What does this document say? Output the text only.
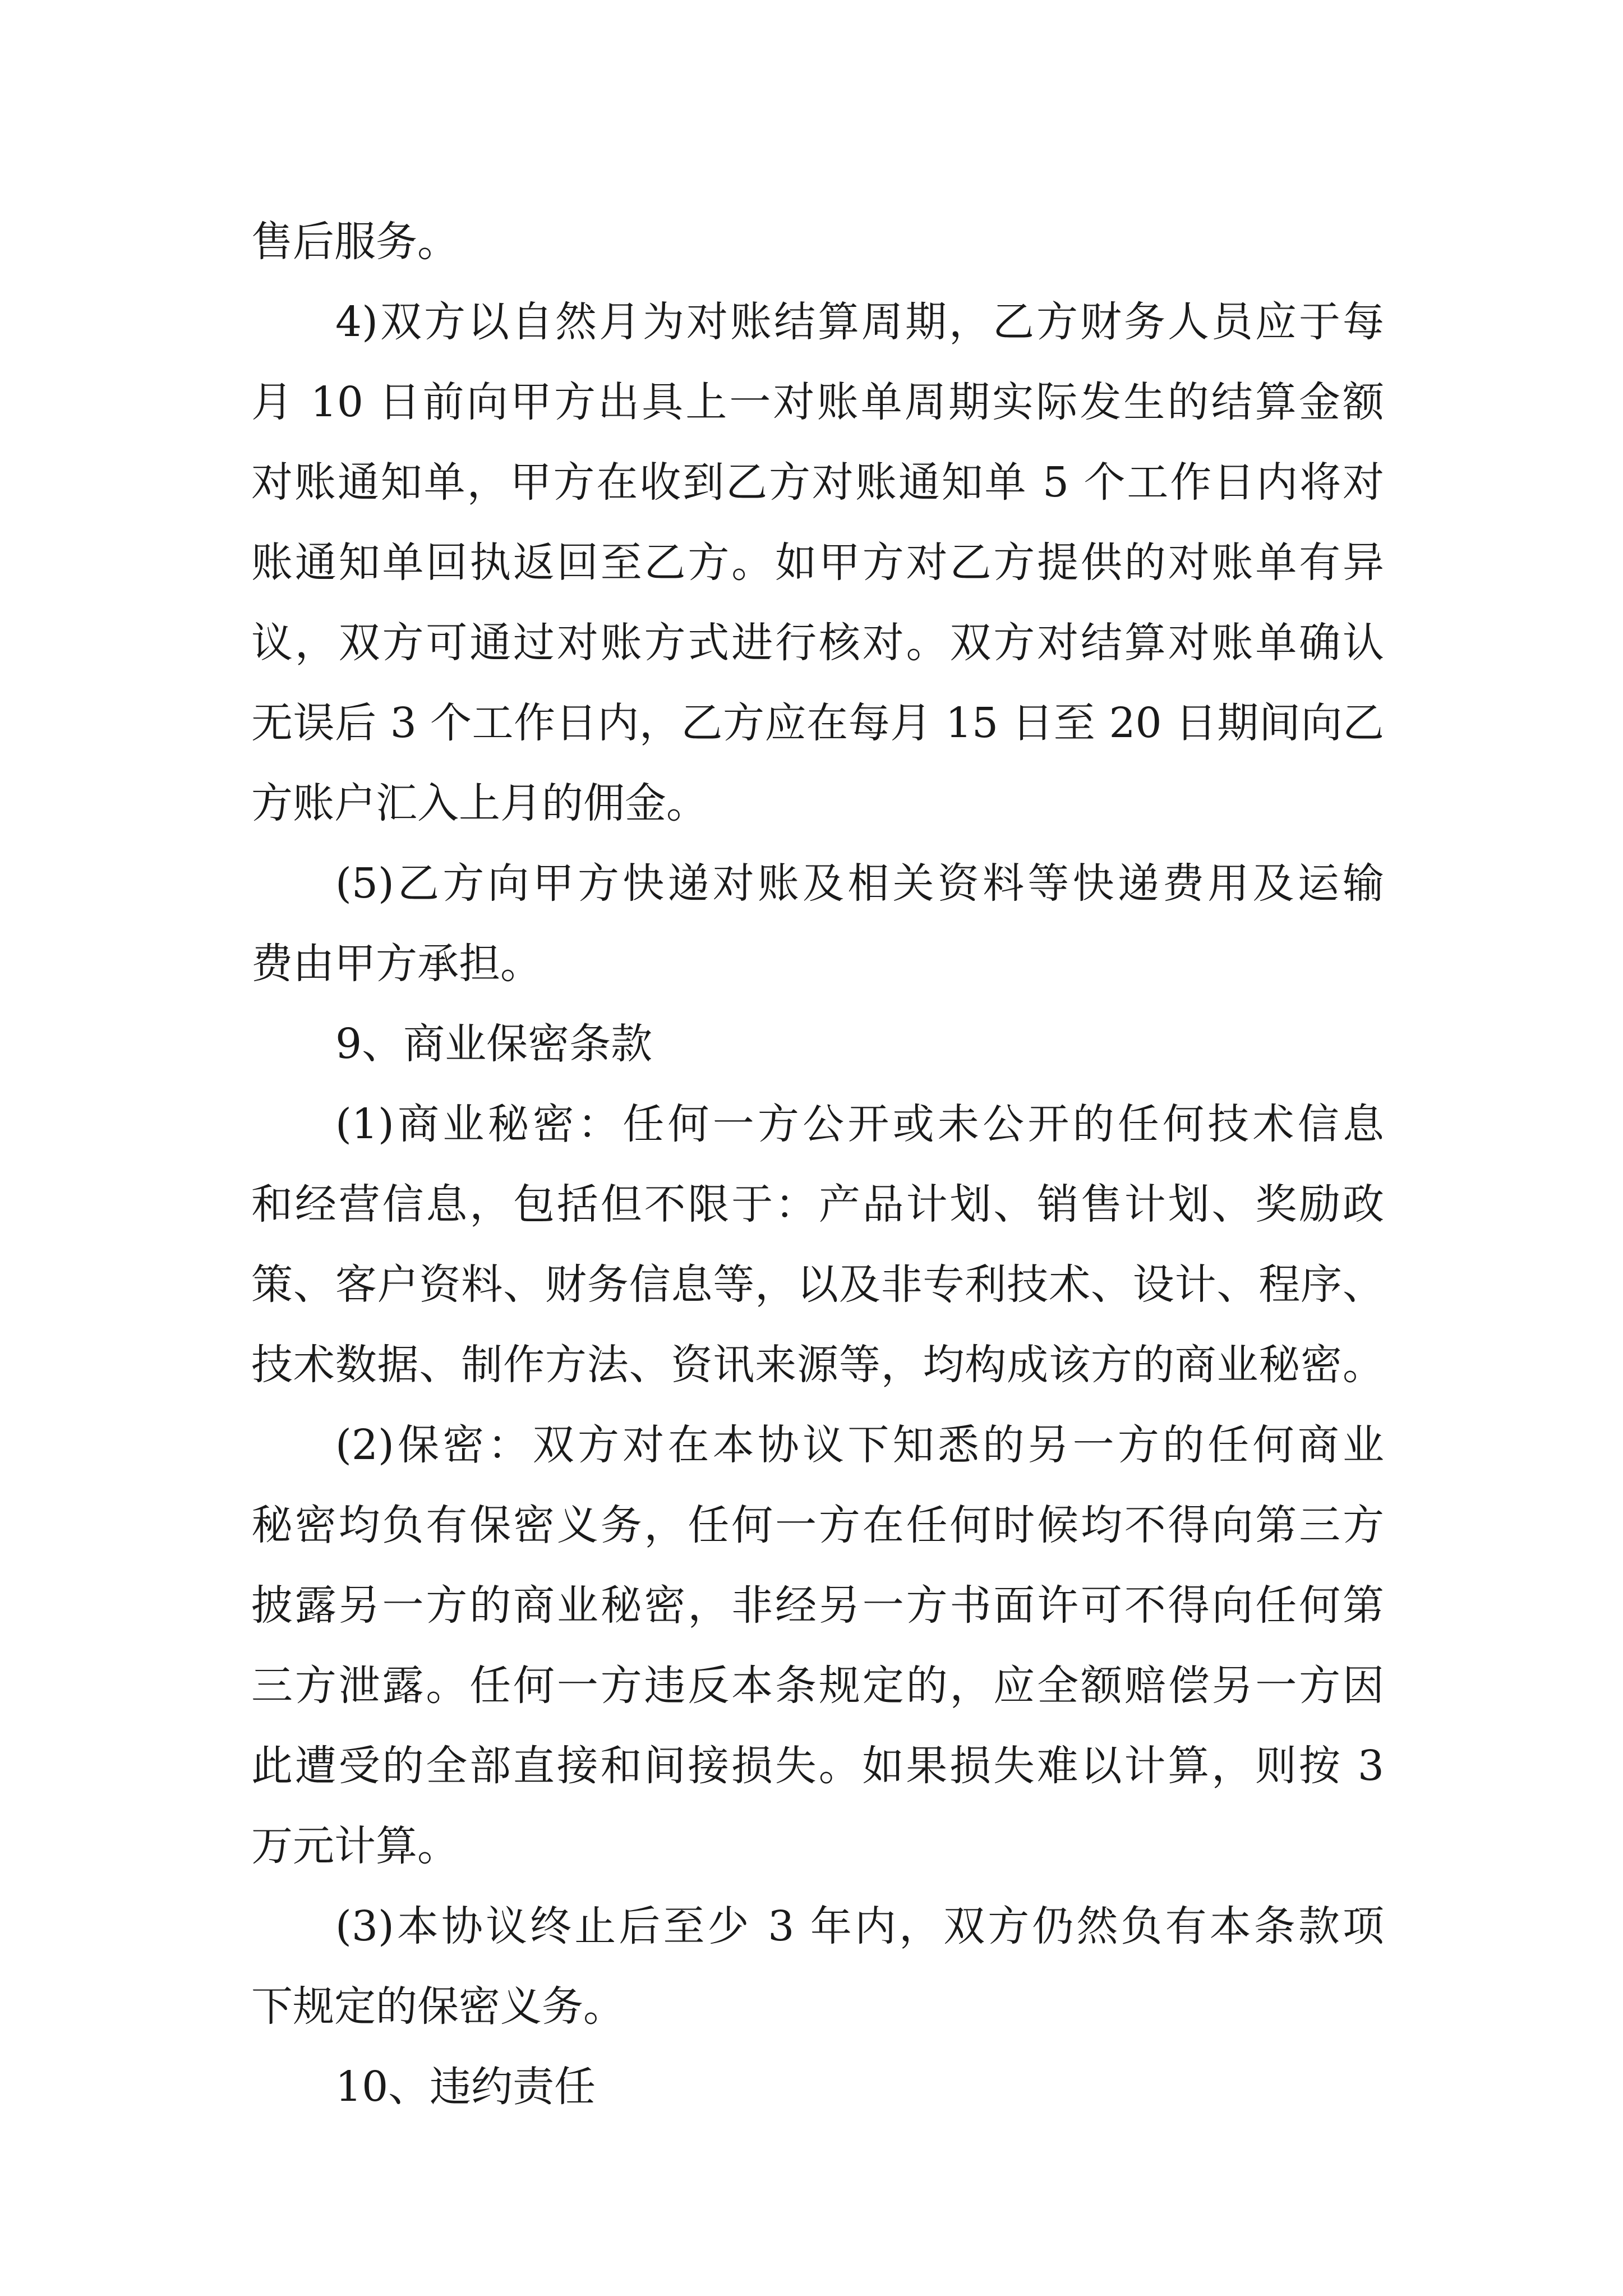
售后服务。
4)双方以自然月为对账结算周期，乙方财务人员应于每
月 10 日前向甲方出具上一对账单周期实际发生的结算金额
对账通知单，甲方在收到乙方对账通知单 5 个工作日内将对
账通知单回执返回至乙方。如甲方对乙方提供的对账单有异
议，双方可通过对账方式进行核对。双方对结算对账单确认
无误后 3 个工作日内，乙方应在每月 15 日至 20 日期间向乙
方账户汇入上月的佣金。
(5)乙方向甲方快递对账及相关资料等快递费用及运输
费由甲方承担。
9、商业保密条款
(1)商业秘密：任何一方公开或未公开的任何技术信息
和经营信息，包括但不限于：产品计划、销售计划、奖励政
策、客户资料、财务信息等，以及非专利技术、设计、程序、
技术数据、制作方法、资讯来源等，均构成该方的商业秘密。
(2)保密：双方对在本协议下知悉的另一方的任何商业
秘密均负有保密义务，任何一方在任何时候均不得向第三方
披露另一方的商业秘密，非经另一方书面许可不得向任何第
三方泄露。任何一方违反本条规定的，应全额赔偿另一方因
此遭受的全部直接和间接损失。如果损失难以计算，则按 3
万元计算。
(3)本协议终止后至少 3 年内，双方仍然负有本条款项
下规定的保密义务。
10、违约责任
